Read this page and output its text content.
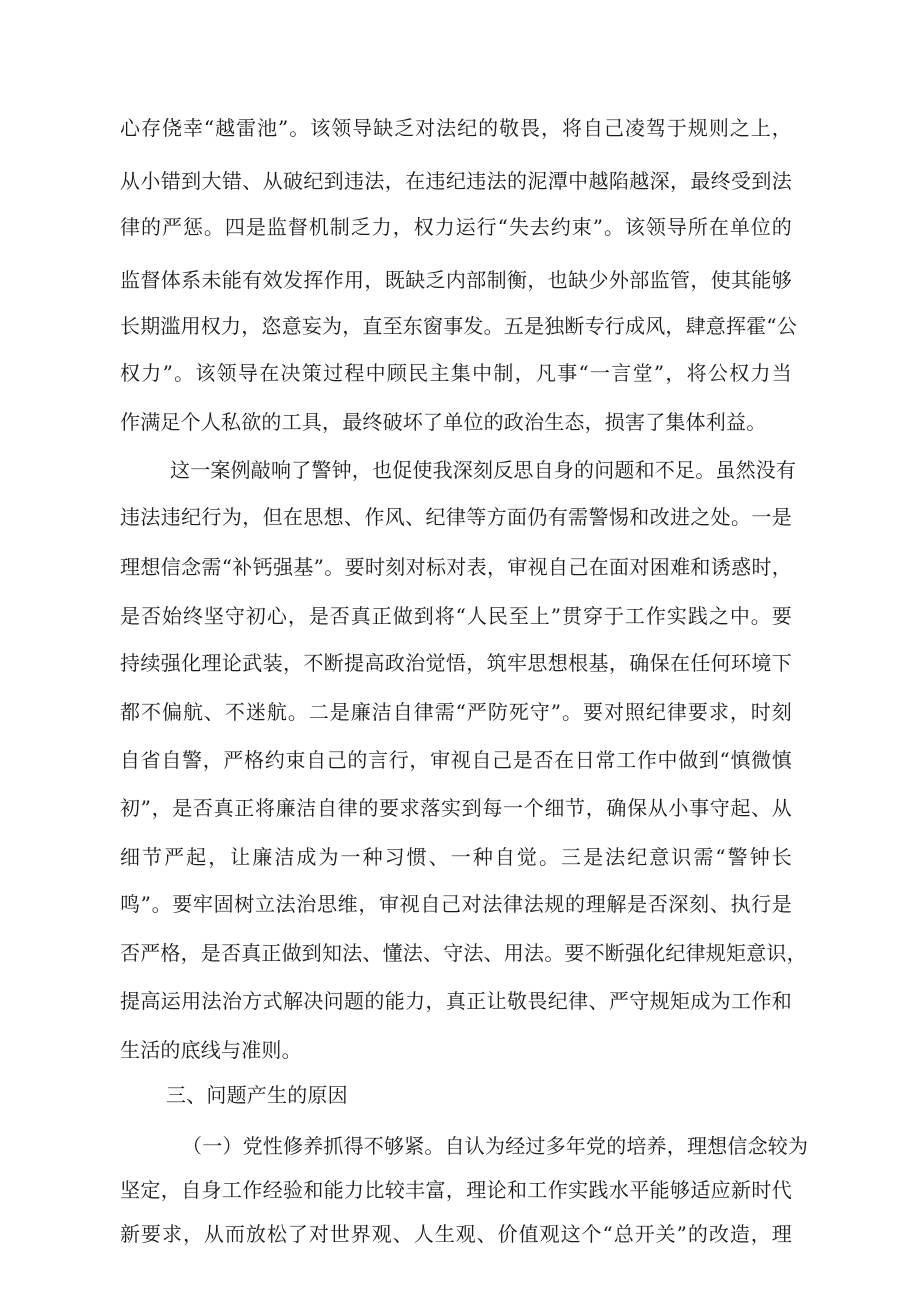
心存侥幸“越雷池”。该领导缺乏对法纪的敬畏，将自己凌驾于规则之上，
从小错到大错、从破纪到违法，在违纪违法的泥潭中越陷越深，最终受到法
律的严惩。四是监督机制乏力，权力运行“失去约束”。该领导所在单位的
监督体系未能有效发挥作用，既缺乏内部制衡，也缺少外部监管，使其能够
长期滥用权力，恣意妄为，直至东窗事发。五是独断专行成风，肆意挥霍“公
权力”。该领导在决策过程中顾民主集中制，凡事“一言堂”，将公权力当
作满足个人私欲的工具，最终破坏了单位的政治生态，损害了集体利益。
这一案例敲响了警钟，也促使我深刻反思自身的问题和不足。虽然没有
违法违纪行为，但在思想、作风、纪律等方面仍有需警惕和改进之处。一是
理想信念需“补钙强基”。要时刻对标对表，审视自己在面对困难和诱惑时，
是否始终坚守初心，是否真正做到将“人民至上”贯穿于工作实践之中。要
持续强化理论武装，不断提高政治觉悟，筑牢思想根基，确保在任何环境下
都不偏航、不迷航。二是廉洁自律需“严防死守”。要对照纪律要求，时刻
自省自警，严格约束自己的言行，审视自己是否在日常工作中做到“慎微慎
初”，是否真正将廉洁自律的要求落实到每一个细节，确保从小事守起、从
细节严起，让廉洁成为一种习惯、一种自觉。三是法纪意识需“警钟长
鸣”。要牢固树立法治思维，审视自己对法律法规的理解是否深刻、执行是
否严格，是否真正做到知法、懂法、守法、用法。要不断强化纪律规矩意识，
提高运用法治方式解决问题的能力，真正让敬畏纪律、严守规矩成为工作和
生活的底线与准则。
三、问题产生的原因
（一）党性修养抓得不够紧。自认为经过多年党的培养，理想信念较为
坚定，自身工作经验和能力比较丰富，理论和工作实践水平能够适应新时代
新要求，从而放松了对世界观、人生观、价值观这个“总开关”的改造，理
